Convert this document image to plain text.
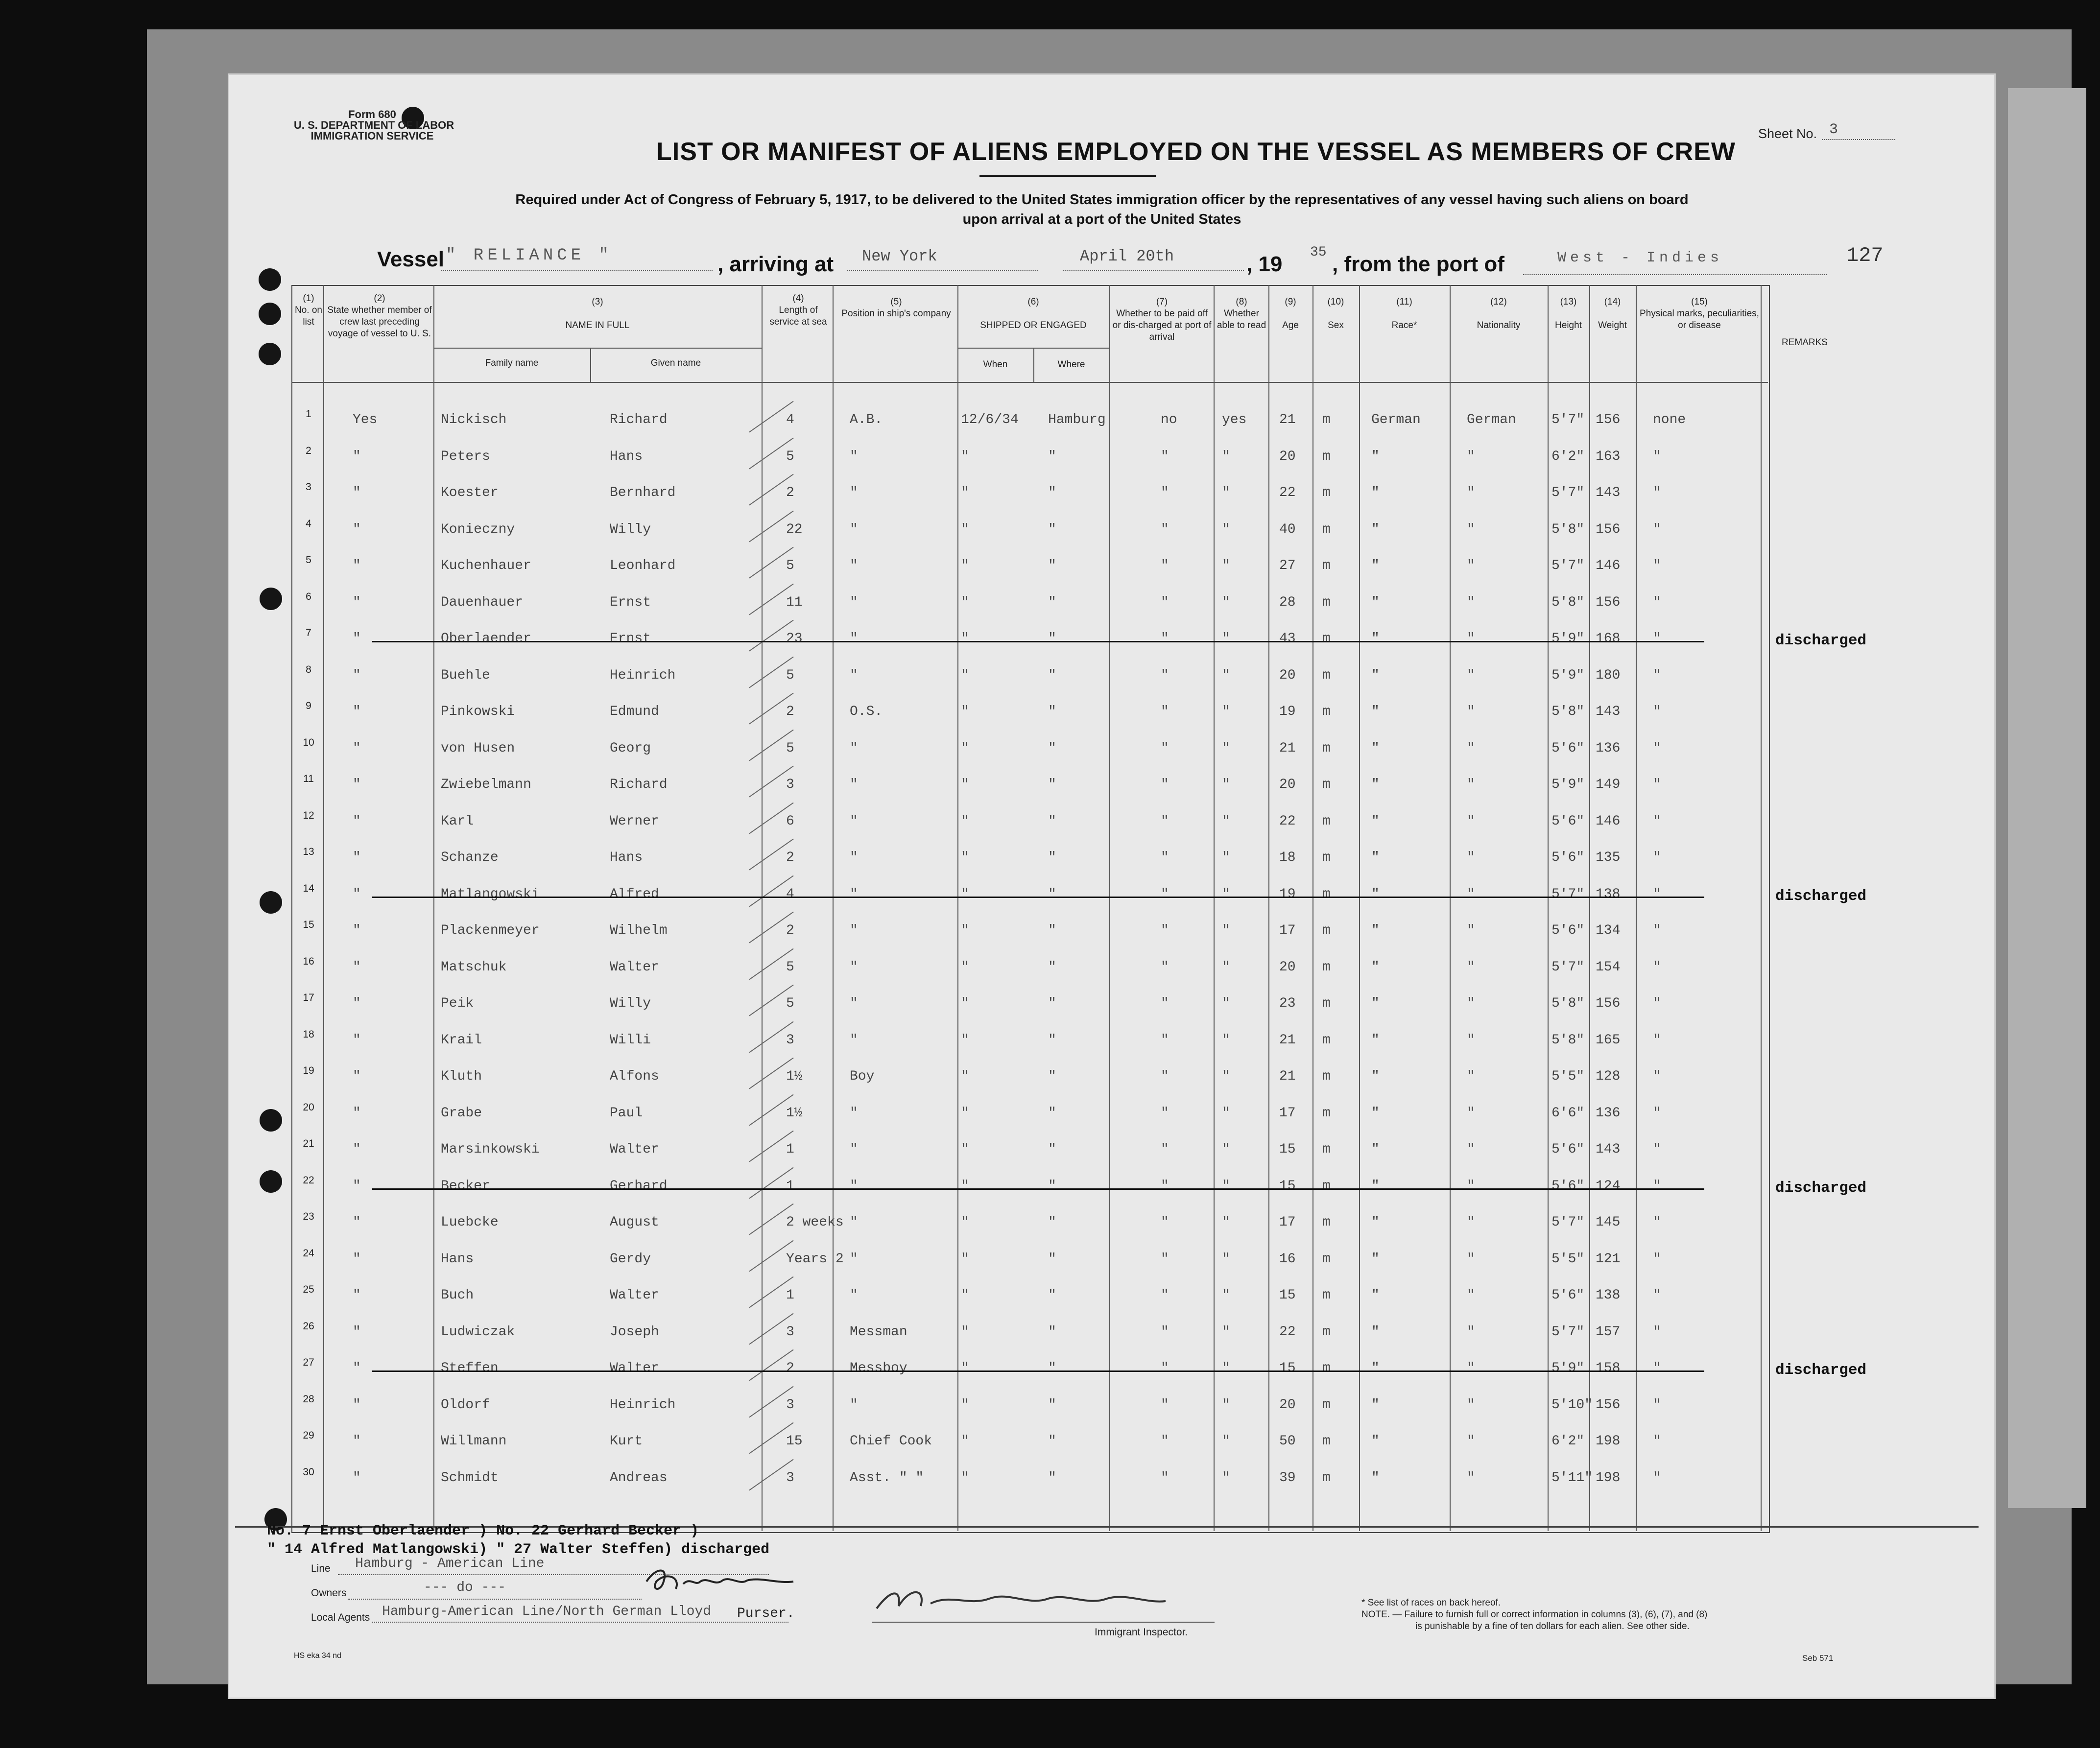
Form 680
U. S. DEPARTMENT OF LABOR
IMMIGRATION SERVICE
LIST OR MANIFEST OF ALIENS EMPLOYED ON THE VESSEL AS MEMBERS OF CREW
Required under Act of Congress of February 5, 1917, to be delivered to the United States immigration officer by the representatives of any vessel having such aliens on board
upon arrival at a port of the United States
Sheet No. 3
Vessel " RELIANCE "	, arriving at New York	April 20th	, 19 35 , from the port of	West - Indies	127
(1)
No. on list
(2)

State whether member of crew last preceding voyage of vessel to U. S.
(3)

NAME IN FULL
Family name	Given name
(4)
Length of service at sea
(5)
Position in ship's company
(6)

SHIPPED OR ENGAGED
When	Where
(7)
Whether to be paid off or dis-charged at port of arrival
(8)
Whether able to read
(9)

Age
(10)

Sex
(11)

Race*
(12)

Nationality
(13)

Height
(14)

Weight
(15)
Physical marks, peculiarities, or disease
REMARKS
1	Yes	Nickisch	Richard	4	A.B.	12/6/34 Hamburg	no	yes 21 m	German	German	5'7" 156 none
2	"	Peters	Hans	5	"	"	"	"	"	20 m	"	"	6'2" 163 "
3	"	Koester	Bernhard	2	"	"	"	"	"	22 m	"	"	5'7" 143 "
4	"	Konieczny	Willy	22	"	"	"	"	"	40 m	"	"	5'8" 156 "
5	"	Kuchenhauer	Leonhard	5	"	"	"	"	"	27 m	"	"	5'7" 146 "
6	"	Dauenhauer	Ernst	11	"	"	"	"	"	28 m	"	"	5'8" 156 "
7	"	Oberlaender	Ernst	23	"	"	"	"	"	43 m	"	"	5'9" 168 "	discharged
8	"	Buehle	Heinrich	5	"	"	"	"	"	20 m	"	"	5'9" 180 "
9	"	Pinkowski	Edmund	2	O.S.	"	"	"	"	19 m	"	"	5'8" 143 "
10	"	von Husen	Georg	5	"	"	"	"	"	21 m	"	"	5'6" 136 "
11	"	Zwiebelmann	Richard	3	"	"	"	"	"	20 m	"	"	5'9" 149 "
12	"	Karl	Werner	6	"	"	"	"	"	22 m	"	"	5'6" 146 "
13	"	Schanze	Hans	2	"	"	"	"	"	18 m	"	"	5'6" 135 "
14	"	Matlangowski	Alfred	4	"	"	"	"	"	19 m	"	"	5'7" 138 "	discharged
15	"	Plackenmeyer	Wilhelm	2	"	"	"	"	"	17 m	"	"	5'6" 134 "
16	"	Matschuk	Walter	5	"	"	"	"	"	20 m	"	"	5'7" 154 "
17	"	Peik	Willy	5	"	"	"	"	"	23 m	"	"	5'8" 156 "
18	"	Krail	Willi	3	"	"	"	"	"	21 m	"	"	5'8" 165 "
19	"	Kluth	Alfons	1½	Boy	"	"	"	"	21 m	"	"	5'5" 128 "
20	"	Grabe	Paul	1½	"	"	"	"	"	17 m	"	"	6'6" 136 "
21	"	Marsinkowski	Walter	1	"	"	"	"	"	15 m	"	"	5'6" 143 "
22	"	Becker	Gerhard	1	"	"	"	"	"	15 m	"	"	5'6" 124 "	discharged
23	"	Luebcke	August	2 weeks "	"	"	"	"	17 m	"	"	5'7" 145 "
24	"	Hans	Gerdy	Years 2 "	"	"	"	"	16 m	"	"	5'5" 121 "
25	"	Buch	Walter	1	"	"	"	"	"	15 m	"	"	5'6" 138 "
26	"	Ludwiczak	Joseph	3	Messman	"	"	"	"	22 m	"	"	5'7" 157 "
27	"	Steffen	Walter	2	Messboy	"	"	"	"	15 m	"	"	5'9" 158 "	discharged
28	"	Oldorf	Heinrich	3	"	"	"	"	"	20 m	"	"	5'10" 156 "
29	"	Willmann	Kurt	15	Chief Cook "	"	"	"	50 m	"	"	6'2" 198 "
30	"	Schmidt	Andreas	3	Asst. " "	"	"	"	"	39 m	"	"	5'11" 198 "
No. 7 Ernst Oberlaender ) No. 22 Gerhard Becker )
" 14 Alfred Matlangowski) " 27 Walter Steffen) discharged
Line Hamburg - American Line
Owners	--- do ---
Local Agents Hamburg-American Line/North German Lloyd Purser.
Immigrant Inspector.
* See list of races on back hereof.
NOTE. — Failure to furnish full or correct information in columns (3), (6), (7), and (8)
is punishable by a fine of ten dollars for each alien. See other side.
HS eka 34 nd	Seb 571
